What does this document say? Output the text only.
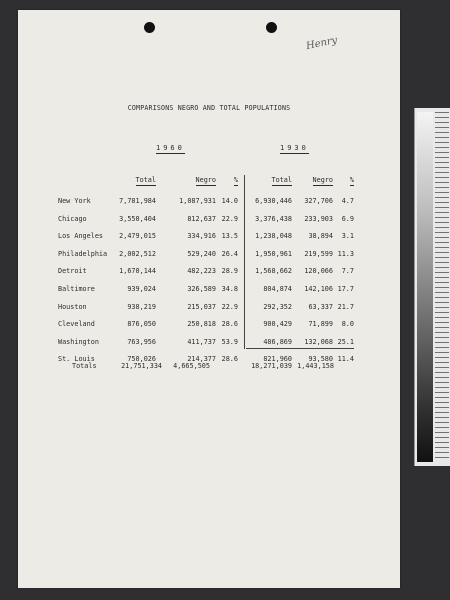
Henry
COMPARISONS NEGRO AND TOTAL POPULATIONS
1960	1930
Total	Negro	%	Total	Negro %
New York	7,781,984	1,087,931 14.0	6,930,446 327,706 4.7
Chicago	3,550,404	812,637 22.9	3,376,438 233,903 6.9
Los Angeles 2,479,015	334,916 13.5	1,238,048 38,894 3.1
Philadelphia 2,002,512	529,240 26.4	1,950,961 219,599 11.3
Detroit	1,670,144	482,223 28.9	1,568,662 120,066 7.7
Baltimore	939,024	326,589 34.8	804,874 142,106 17.7
Houston	938,219	215,037 22.9	292,352 63,337 21.7
Cleveland	876,050	250,818 28.6	900,429 71,899 8.0
Washington	763,956	411,737 53.9	486,869 132,068 25.1
St. Louis	750,026	214,377 28.6	821,960 93,580 11.4
Totals	21,751,334 4,665,505	18,271,039 1,443,158
